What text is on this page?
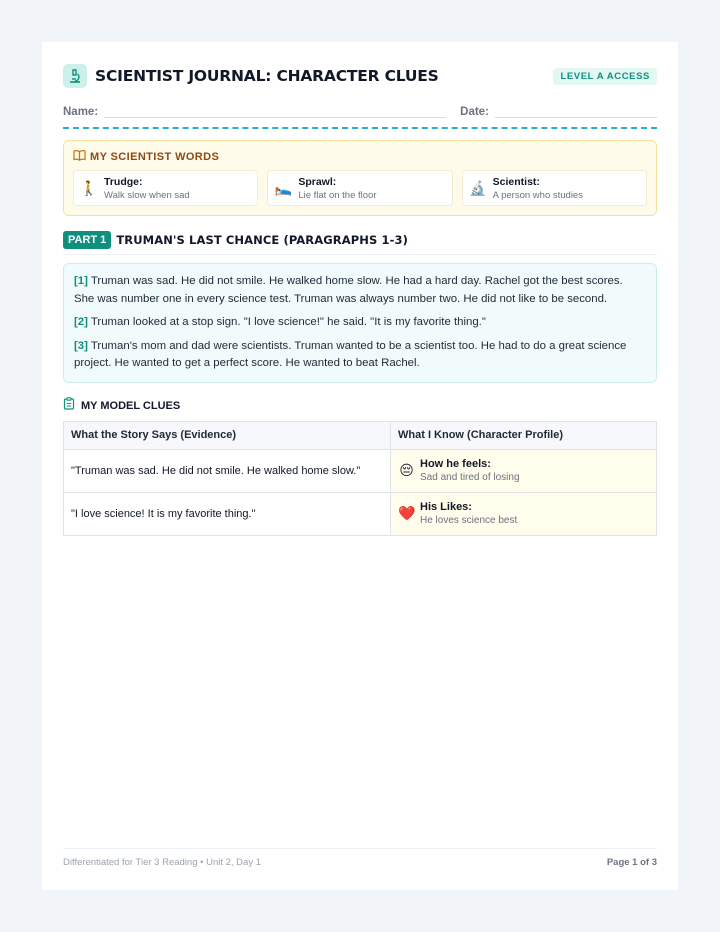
SCIENTIST JOURNAL: CHARACTER CLUES	LEVEL A ACCESS
Name:	Date:
MY SCIENTIST WORDS
🚶 Trudge:
Walk slow when sad	🛌 Sprawl:
Lie flat on the floor	🔬 Scientist:
A person who studies
PART 1 TRUMAN'S LAST CHANCE (PARAGRAPHS 1-3)

[1] Truman was sad. He did not smile. He walked home slow. He had a hard day. Rachel got the best scores. She was number one in every science test. Truman was always number two. He did not like to be second.

[2] Truman looked at a stop sign. "I love science!" he said. "It is my favorite thing."

[3] Truman's mom and dad were scientists. Truman wanted to be a scientist too. He had to do a great science project. He wanted to get a perfect score. He wanted to beat Rachel.

MY MODEL CLUES
What the Story Says (Evidence)	What I Know (Character Profile)
"Truman was sad. He did not smile. He walked home slow."	😔 How he feels:
Sad and tired of losing

"I love science! It is my favorite thing."	❤️ His Likes:
He loves science best
Differentiated for Tier 3 Reading • Unit 2, Day 1	Page 1 of 3
